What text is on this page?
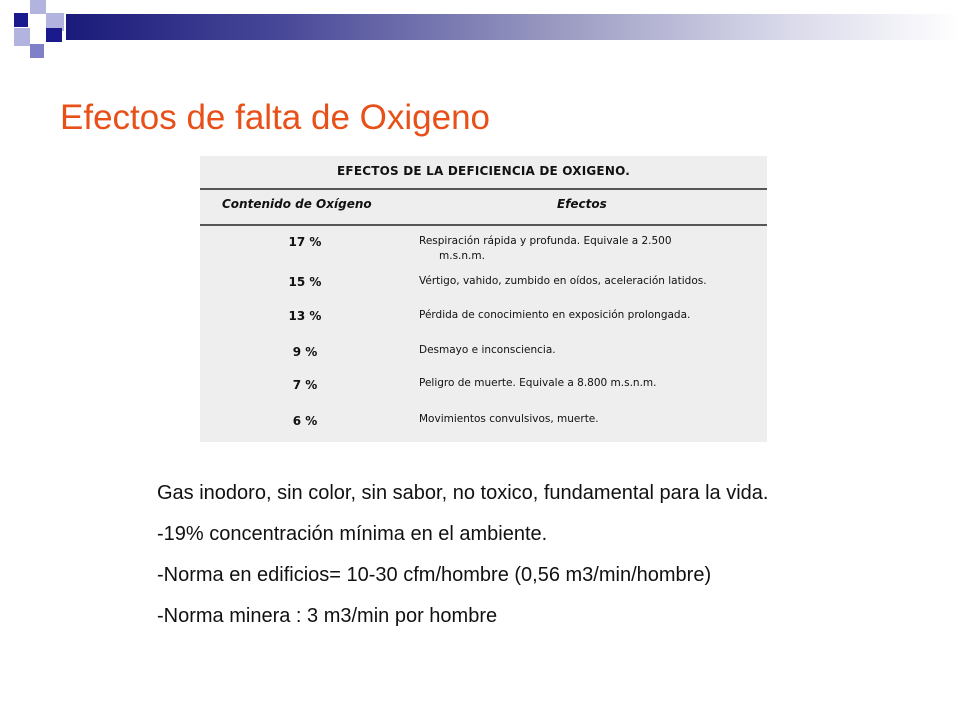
Efectos de falta de Oxigeno
EFECTOS DE LA DEFICIENCIA DE OXIGENO.
Contenido de Oxígeno	Efectos
17 %	Respiración rápida y profunda. Equivale a 2.500
m.s.n.m.
15 %	Vértigo, vahido, zumbido en oídos, aceleración latidos.
13 %	Pérdida de conocimiento en exposición prolongada.
9 %	Desmayo e inconsciencia.
7 %	Peligro de muerte. Equivale a 8.800 m.s.n.m.
6 %	Movimientos convulsivos, muerte.

Gas inodoro, sin color, sin sabor, no toxico, fundamental para la vida.

-19% concentración mínima en el ambiente.

-Norma en edificios= 10-30 cfm/hombre (0,56 m3/min/hombre)

-Norma minera : 3 m3/min por hombre
